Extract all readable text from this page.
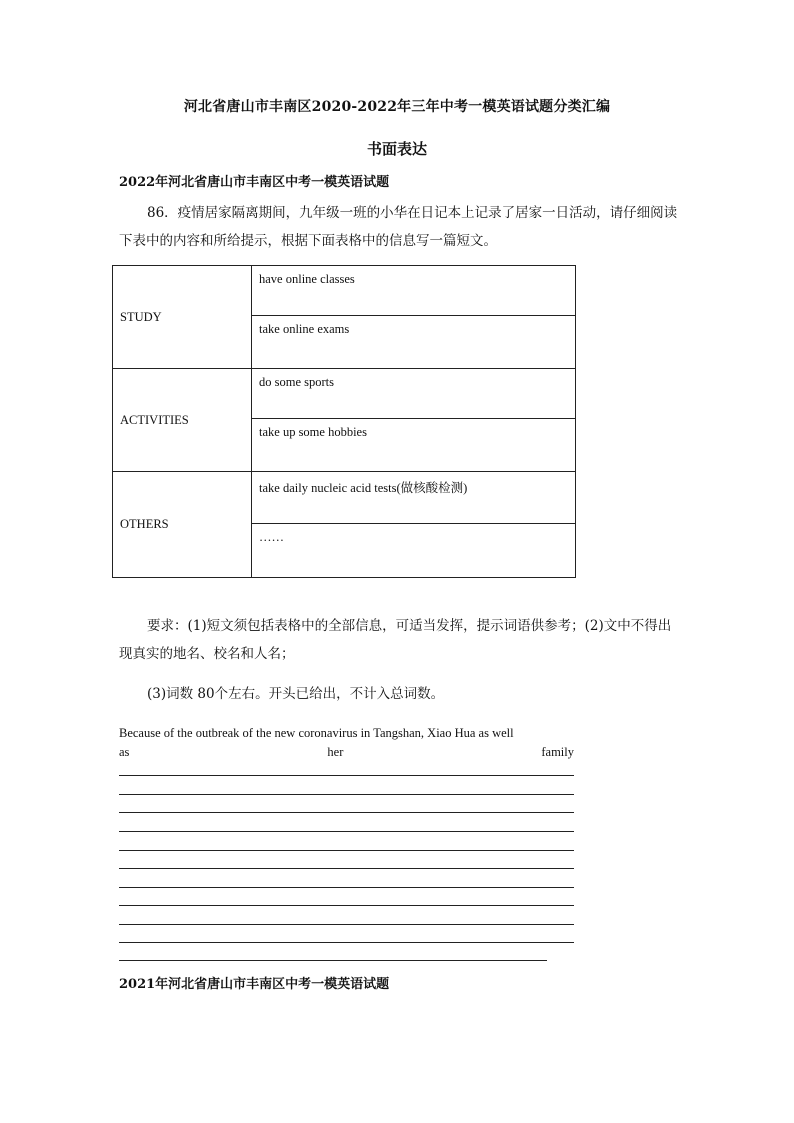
河北省唐山市丰南区2020-2022年三年中考一模英语试题分类汇编
书面表达
2022年河北省唐山市丰南区中考一模英语试题
86．疫情居家隔离期间，九年级一班的小华在日记本上记录了居家一日活动，请仔细阅读下表中的内容和所给提示，根据下面表格中的信息写一篇短文。
STUDY	have online classes
	take online exams
ACTIVITIES	do some sports
	take up some hobbies
OTHERS	take daily nucleic acid tests(做核酸检测)
	……
要求：(1)短文须包括表格中的全部信息，可适当发挥，提示词语供参考；(2)文中不得出现真实的地名、校名和人名；
(3)词数 80个左右。开头已给出，不计入总词数。
Because of the outbreak of the new coronavirus in Tangshan, Xiao Hua as well
as	her	family
2021年河北省唐山市丰南区中考一模英语试题
